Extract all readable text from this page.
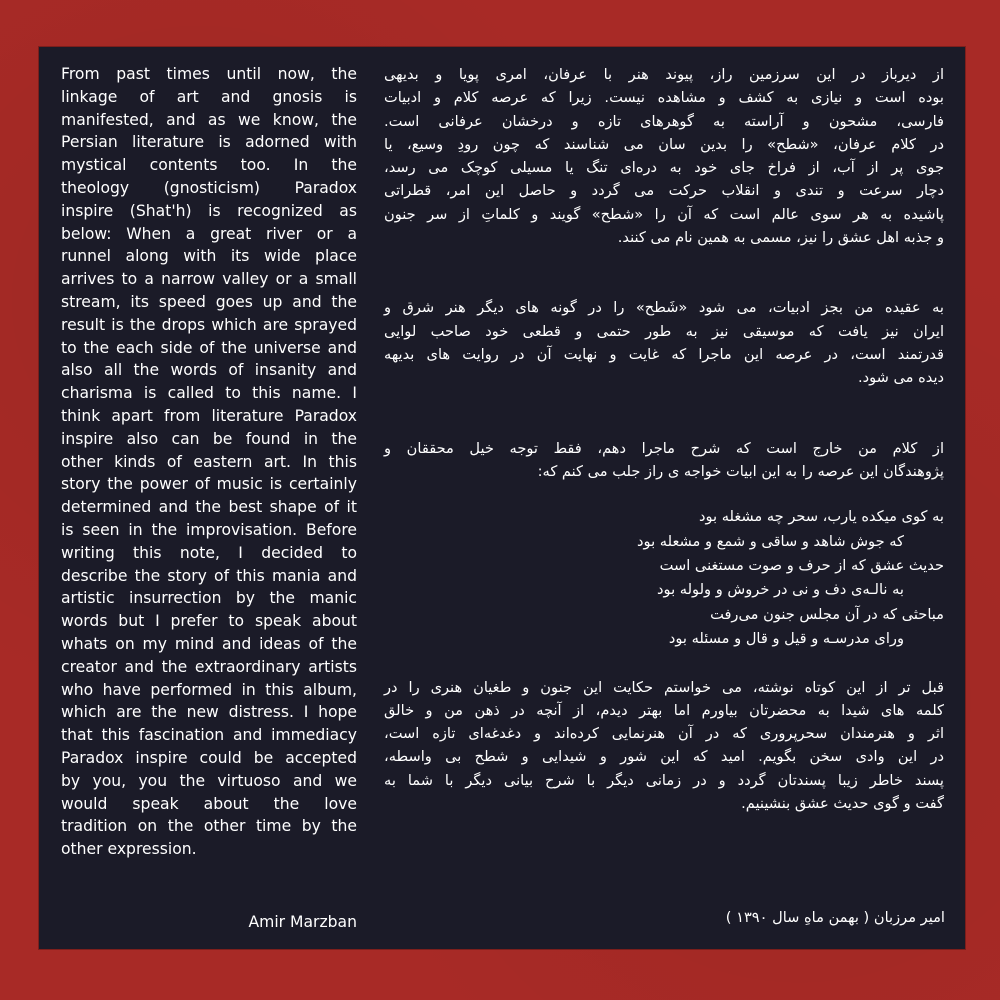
From past times until now, the
linkage of art and gnosis is
manifested, and as we know, the
Persian literature is adorned with
mystical contents too. In the
theology (gnosticism) Paradox
inspire (Shat'h) is recognized as
below: When a great river or a
runnel along with its wide place
arrives to a narrow valley or a small
stream, its speed goes up and the
result is the drops which are sprayed
to the each side of the universe and
also all the words of insanity and
charisma is called to this name. I
think apart from literature Paradox
inspire also can be found in the
other kinds of eastern art. In this
story the power of music is certainly
determined and the best shape of it
is seen in the improvisation. Before
writing this note, I decided to
describe the story of this mania and
artistic insurrection by the manic
words but I prefer to speak about
whats on my mind and ideas of the
creator and the extraordinary artists
who have performed in this album,
which are the new distress. I hope
that this fascination and immediacy
Paradox inspire could be accepted
by you, you the virtuoso and we
would speak about the love
tradition on the other time by the
other expression.
Amir Marzban
از دیرباز در این سرزمین راز، پیوند هنر با عرفان، امری پویا و بدیهی
بوده است و نیازی به کشف و مشاهده نیست. زیرا که عرصه کلام و ادبیات
فارسی، مشحون و آراسته به گوهرهای تازه و درخشان عرفانی است.
در کلام عرفان، «شطح» را بدین سان می شناسند که چون رودِ وسیع، یا
جوی پر از آب، از فراخ جای خود به دره‌ای تنگ یا مسیلی کوچک می رسد،
دچار سرعت و تندی و انقلاب حرکت می گردد و حاصل این امر، قطراتی
پاشیده به هر سوی عالم است که آن را «شطح» گویند و کلماتِ از سر جنون
و جذبه اهل عشق را نیز، مسمی به همین نام می کنند.
به عقیده من بجز ادبیات، می شود «شَطح» را در گونه های دیگر هنر شرق و
ایران نیز یافت که موسیقی نیز به طور حتمی و قطعی خود صاحب لوایی
قدرتمند است، در عرصه این ماجرا که غایت و نهایت آن در روایت های بدیهه
دیده می شود.
از کلام من خارج است که شرح ماجرا دهم، فقط توجه خیل محققان و
پژوهندگان این عرصه را به این ابیات خواجه ی راز جلب می کنم که:
به کوی میکده یارب، سحر چه مشغله بود
که جوش شاهد و ساقی و شمع و مشعله بود
حدیث عشق که از حرف و صوت مستغنی است
به نالـه‌ی دف و نی در خروش و ولوله بود
مباحثی که در آن مجلس جنون می‌رفت
ورای مدرسـه و قیل و قال و مسئله بود
قبل تر از این کوتاه نوشته، می خواستم حکایت این جنون و طغیان هنری را در
کلمه های شیدا به محضرتان بیاورم اما بهتر دیدم، از آنچه در ذهن من و خالق
اثر و هنرمندان سحرپروری که در آن هنرنمایی کرده‌اند و دغدغه‌ای تازه است،
در این وادی سخن بگویم. امید که این شور و شیدایی و شطح بی واسطه،
پسند خاطر زیبا پسندتان گردد و در زمانی دیگر با شرح بیانی دیگر با شما به
گفت و گوی حدیث عشق بنشینیم.
امیر مرزبان ( بهمن ماهِ سال ۱۳۹۰ )
